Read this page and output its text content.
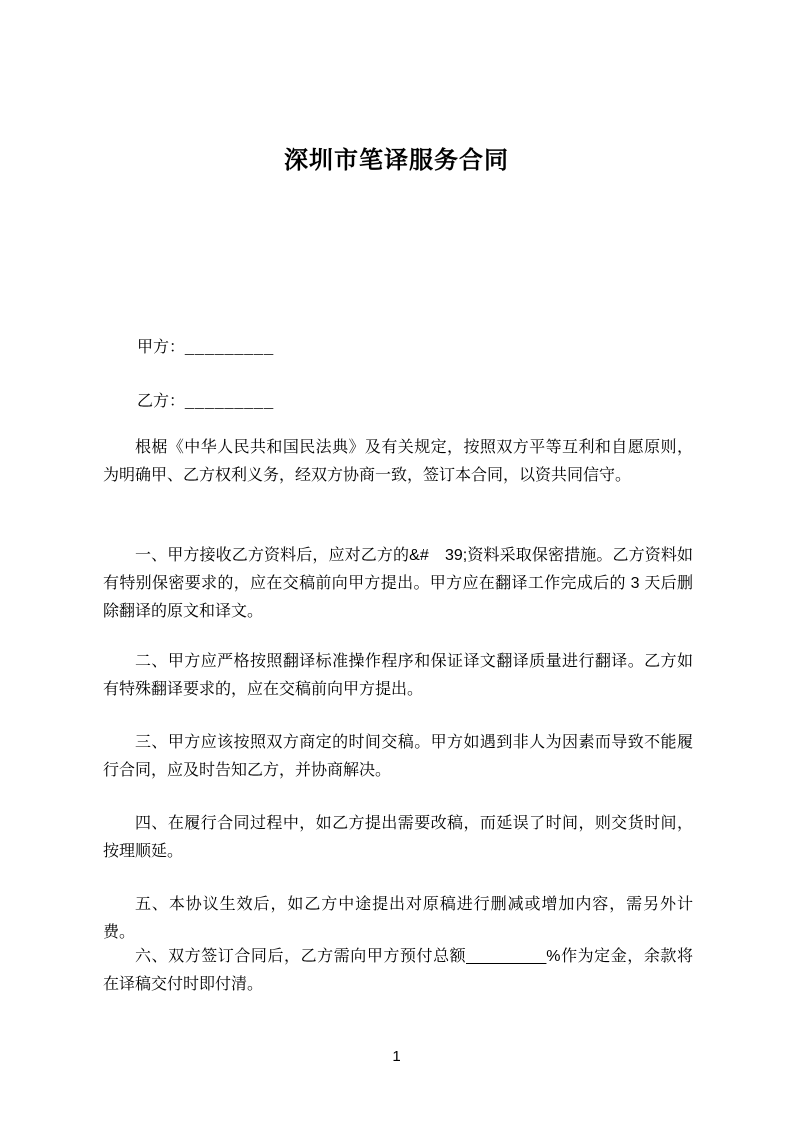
深圳市笔译服务合同
甲方：_________
乙方：_________

根椐《中华人民共和国民法典》及有关规定，按照双方平等互利和自愿原则，为明确甲、乙方权利义务，经双方协商一致，签订本合同，以资共同信守。

一、甲方接收乙方资料后，应对乙方的&#　39;资料采取保密措施。乙方资料如有特别保密要求的，应在交稿前向甲方提出。甲方应在翻译工作完成后的 3 天后删除翻译的原文和译文。

二、甲方应严格按照翻译标准操作程序和保证译文翻译质量进行翻译。乙方如有特殊翻译要求的，应在交稿前向甲方提出。

三、甲方应该按照双方商定的时间交稿。甲方如遇到非人为因素而导致不能履行合同，应及时告知乙方，并协商解决。

四、在履行合同过程中，如乙方提出需要改稿，而延误了时间，则交货时间，按理顺延。

五、本协议生效后，如乙方中途提出对原稿进行删减或增加内容，需另外计费。

六、双方签订合同后，乙方需向甲方预付总额_________%作为定金，余款将在译稿交付时即付清。

1
